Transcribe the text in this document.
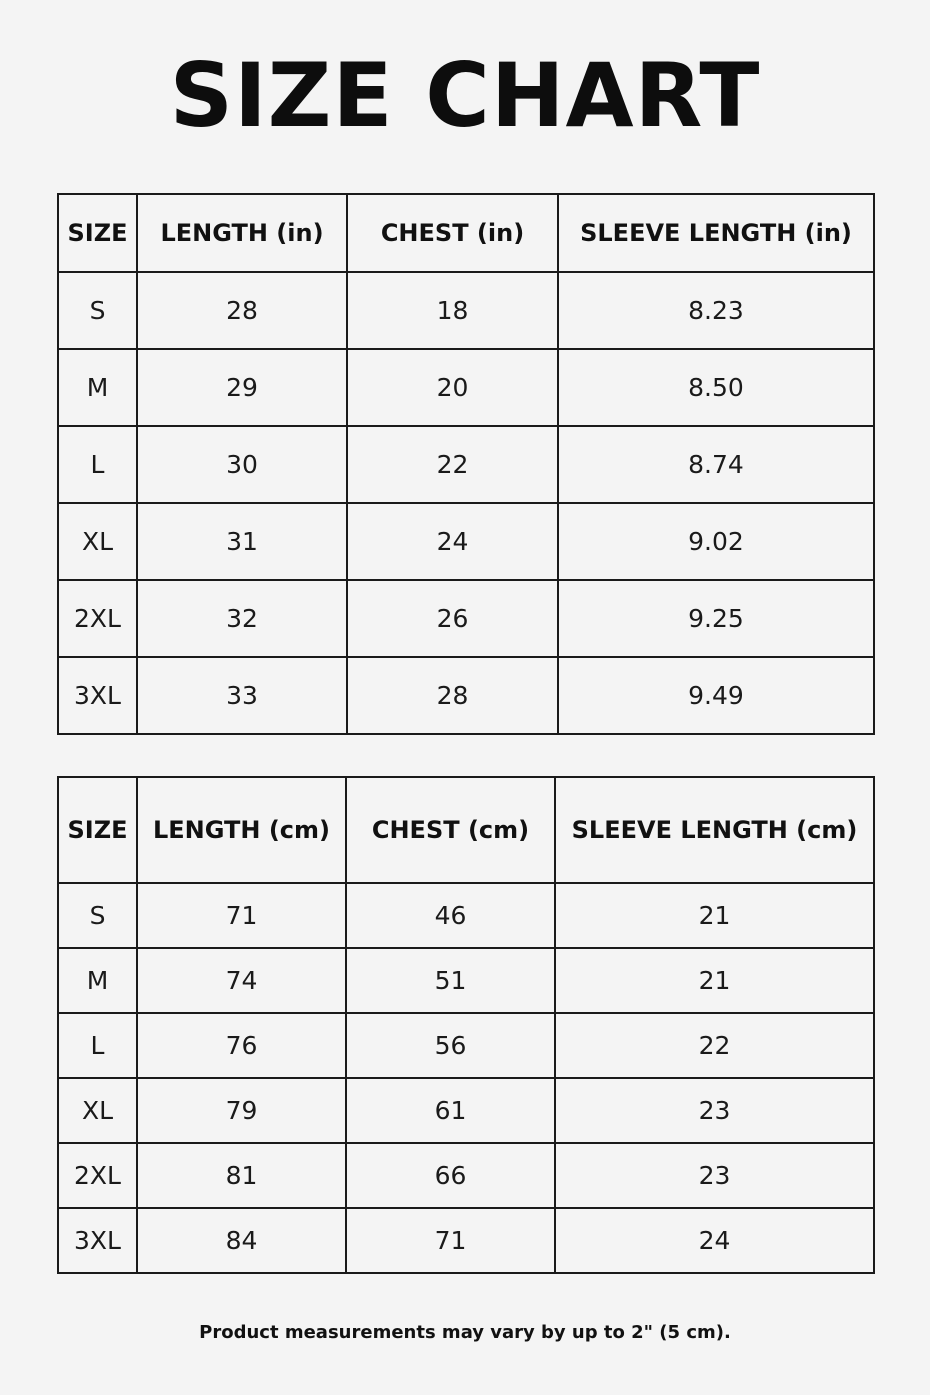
SIZE CHART
SIZE	LENGTH (in)	CHEST (in)	SLEEVE LENGTH (in)
S	28	18	8.23
M	29	20	8.50
L	30	22	8.74
XL	31	24	9.02
2XL	32	26	9.25
3XL	33	28	9.49
SIZE	LENGTH (cm)	CHEST (cm)	SLEEVE LENGTH (cm)
S	71	46	21
M	74	51	21
L	76	56	22
XL	79	61	23
2XL	81	66	23
3XL	84	71	24
Product measurements may vary by up to 2" (5 cm).
